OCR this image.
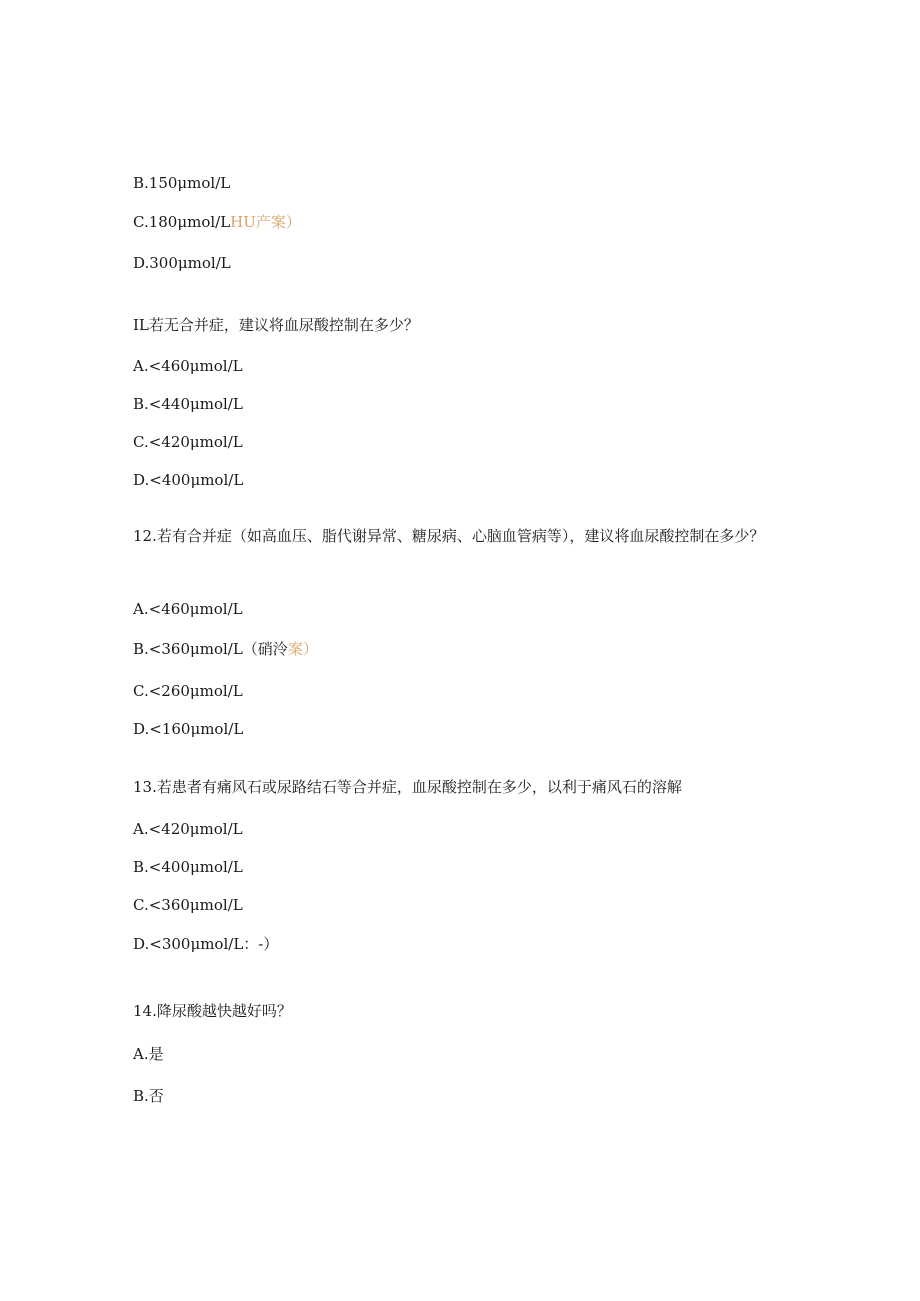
B.150μmol/L
C.180μmol/LHU产案）
D.300μmol/L
IL若无合并症，建议将血尿酸控制在多少？
A.<460μmol/L
B.<440μmol/L
C.<420μmol/L
D.<400μmol/L
12.若有合并症（如高血压、脂代谢异常、糖尿病、心脑血管病等），建议将血尿酸控制在多少？
A.<460μmol/L
B.<360μmol/L（硝泠案）
C.<260μmol/L
D.<160μmol/L
13.若患者有痛风石或尿路结石等合并症，血尿酸控制在多少，以利于痛风石的溶解
A.<420μmol/L
B.<400μmol/L
C.<360μmol/L
D.<300μmol/L：-）
14.降尿酸越快越好吗？
A.是
B.否
